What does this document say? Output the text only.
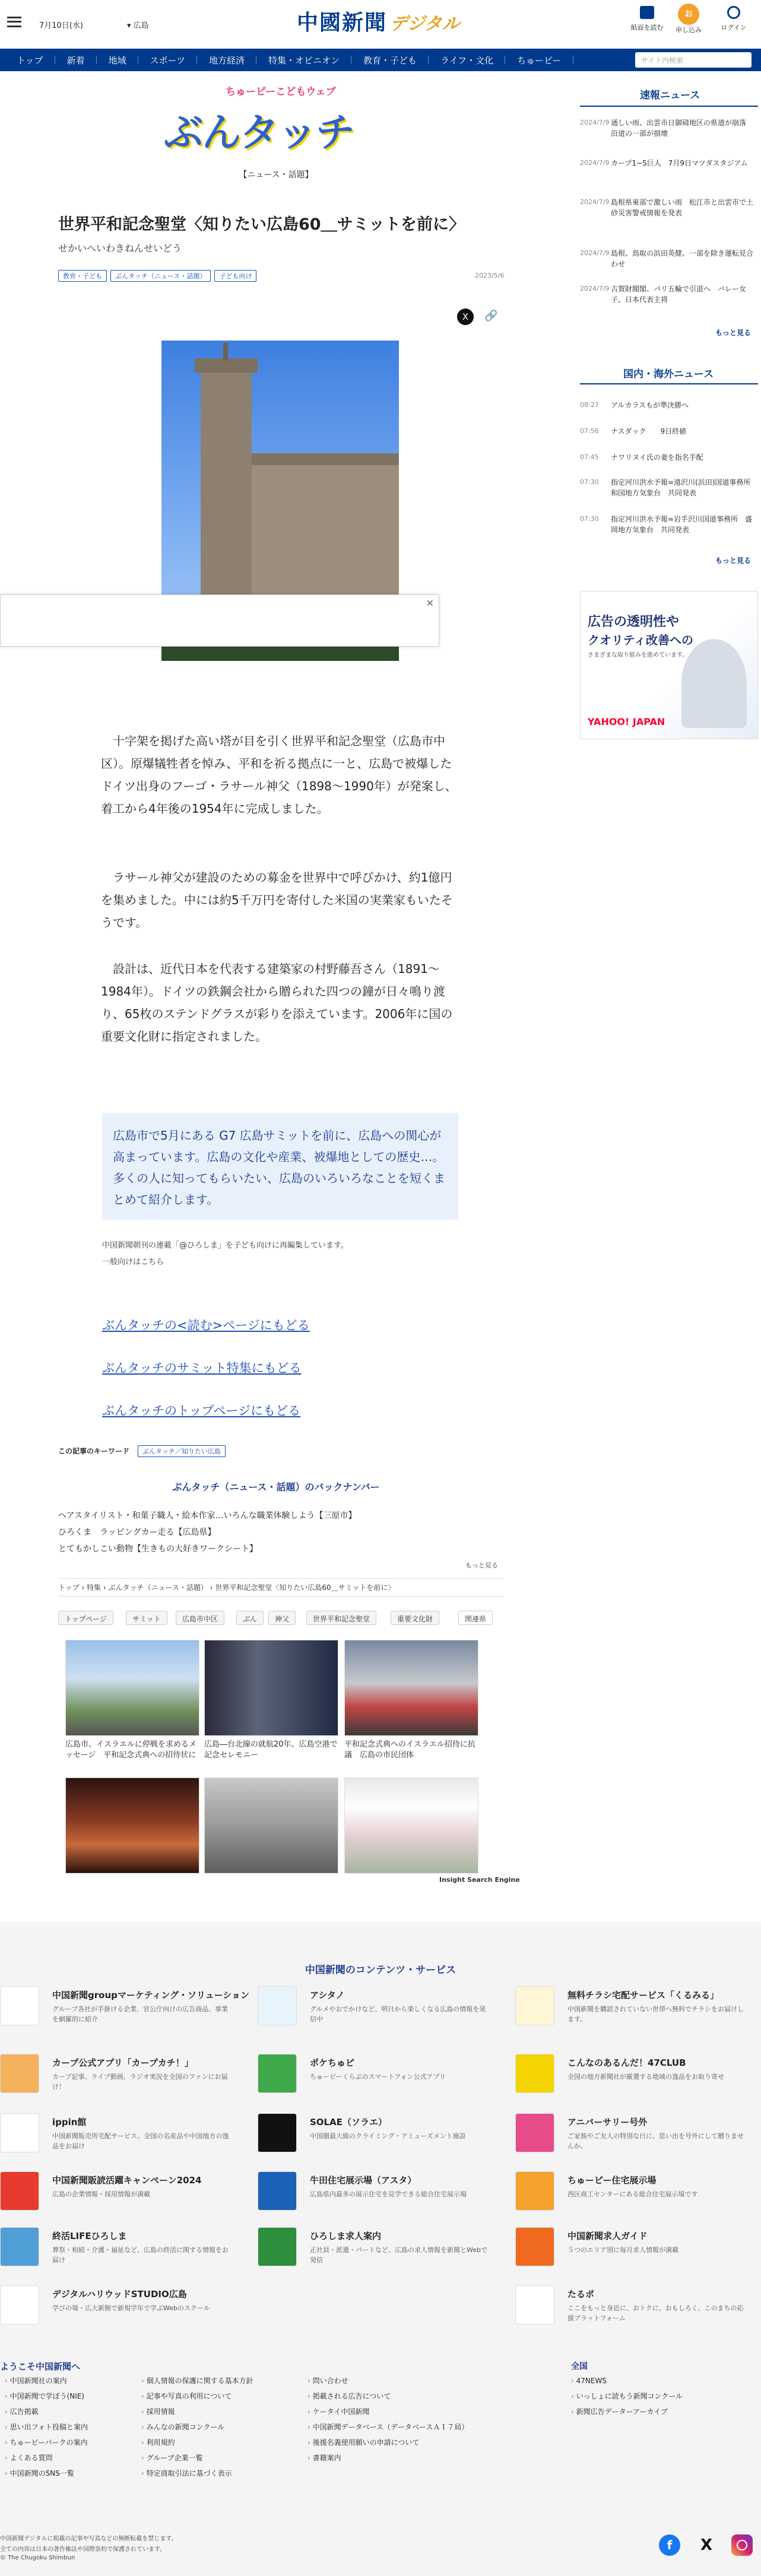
7月10日(水)	▾ 広島	中國新聞 デジタル	紙面を読む
お
申し込み	ログイン
トップ	新着	地域	スポーツ	地方経済	特集・オピニオン	教育・子ども	ライフ・文化	ちゅーピー	サイト内検索
速報ニュース
2024/7/9 通しい雨、出雲市日御碕地区の県道が崩落　沿道の一部が損壊
2024/7/9 カープ1−5巨人　7月9日マツダスタジアム
2024/7/9 島根県東部で激しい雨　松江市と出雲市で土砂災害警戒情報を発表
2024/7/9 島根、鳥取の浜田英健、一部を除き運転見合わせ
2024/7/9 古賀財閥閣、パリ五輪で引退へ　バレー女子、日本代表主将
もっと見る
国内・海外ニュース
08:27	アルカラスもが準決勝へ
07:56	ナスダック　　9日終値
07:45	ナワリヌイ氏の妻を指名手配
07:30	指定河川洪水予報=遠沢川(浜田)国道事務所　和国地方気象台　共同発表
07:30	指定河川洪水予報=岩手沢川国道事務所　盛岡地方気象台　共同発表
もっと見る
広告の透明性や
クオリティ改善への
さまざまな取り組みを進めています。
YAHOO! JAPAN
ちゅーピーこどもウェブ
ぶんタッチ
【ニュース・話題】
世界平和記念聖堂〈知りたい広島60＿サミットを前に〉
せかいへいわきねんせいどう
教育・子ども ぶんタッチ（ニュース・話題） 子ども向け	2023/5/6
X	🔗
✕
十字架を掲げた高い塔が目を引く世界平和記念聖堂（広島市中区）。原爆犠牲者を悼み、平和を祈る拠点に一と、広島で被爆したドイツ出身のフーゴ・ラサール神父（1898〜1990年）が発案し、着工から4年後の1954年に完成しました。
ラサール神父が建設のための募金を世界中で呼びかけ、約1億円を集めました。中には約5千万円を寄付した米国の実業家もいたそうです。
設計は、近代日本を代表する建築家の村野藤吾さん（1891〜1984年）。ドイツの鉄鋼会社から贈られた四つの鐘が日々鳴り渡り、65枚のステンドグラスが彩りを添えています。2006年に国の重要文化財に指定されました。
広島市で5月にある G7 広島サミットを前に、広島への関心が高まっています。広島の文化や産業、被爆地としての歴史…。多くの人に知ってもらいたい、広島のいろいろなことを短くまとめて紹介します。
中国新聞朝刊の連載「@ひろしま」を子ども向けに再編集しています。
一般向けはこちら
ぶんタッチの<読む>ページにもどる
ぶんタッチのサミット特集にもどる
ぶんタッチのトップページにもどる
この記事のキーワード ぶんタッチ／知りたい広島
ぶんタッチ（ニュース・話題）のバックナンバー
ヘアスタイリスト・和菓子職人・絵本作家…いろんな職業体験しよう【三原市】
ひろくま　ラッピングカー走る【広島県】
とてもかしこい動物【生きもの大好きワークシート】
もっと見る
トップ › 特集 › ぶんタッチ（ニュース・話題） › 世界平和記念聖堂〈知りたい広島60＿サミットを前に〉
トップページ	サミット	広島市中区	ぶん	神父	世界平和記念聖堂	重要文化財	関連県
広島市、イスラエルに停戦を求めるメッセージ　平和記念式典への招待状に
広島―台北線の就航20年、広島空港で記念セレモニー
平和記念式典へのイスラエル招待に抗議　広島の市民団体
Insight Search Engine
中国新聞のコンテンツ・サービス
中国新聞groupマーケティング・ソリューション
グループ各社が手掛ける企業、官公庁向けの広告商品、事業を網羅的に紹介
アシタノ
グルメやおでかけなど、明日から楽しくなる広島の情報を発信中
無料チラシ宅配サービス「くるみる」
中国新聞を購読されていない世帯へ無料でチラシをお届けします。
カープ公式アプリ「カープカチ！」
カープ記事、ライブ動画、ラジオ実況を全国のファンにお届け！
ポケちゅピ
ちゅーピーくらぶのスマートフォン公式アプリ
こんなのあるんだ！47CLUB
全国の地方新聞社が厳選する地域の逸品をお取り寄せ
ippin館
中国新聞販売所宅配サービス。全国の名産品や中国地方の逸品をお届け
SOLAE（ソラエ）
中国圏最大級のクライミング・アミューズメント施設
アニバーサリー号外
ご家族やご友人の特別な日に、思い出を号外にして贈りませんか。
中国新聞販読活躍キャンペーン2024
広島の企業情報・採用情報が満載
牛田住宅展示場（アスタ）
広島県内最多の展示住宅を見学できる総合住宅展示場
ちゅーピー住宅展示場
西区商工センターにある総合住宅展示場です
終活LIFEひろしま
葬祭・相続・介護・福祉など、広島の終活に関する情報をお届け
ひろしま求人案内
正社員・派遣・パートなど、広島の求人情報を新聞とWebで発信
中国新聞求人ガイド
５つのエリア別に毎月求人情報が満載
デジタルハリウッドSTUDIO広島
学びの場・広大新館で新規学年で学ぶWebのスクール
たるポ
ここをもっと身近に、おトクに。おもしろく、このまちの応援プラットフォーム
ようこそ中国新聞へ
› 中国新聞社の案内
› 中国新聞で学ぼう(NIE)
› 広告掲載
› 思い出フォト投稿と案内
› ちゅーピーパークの案内
› よくある質問
› 中国新聞のSNS一覧
› 個人情報の保護に関する基本方針
› 記事や写真の利用について
› 採用情報
› みんなの新聞コンクール
› 利用規約
› グループ企業一覧
› 特定商取引法に基づく表示
› 問い合わせ
› 掲載される広告について
› ケータイ中国新聞
› 中国新聞データベース（データベースＡＩ７局）
› 後援名義使用願いの申請について
› 書籍案内
全国
› 47NEWS
› いっしょに読もう新聞コンクール
› 新聞広告データーアーカイブ
中国新聞デジタルに掲載の記事や写真などの無断転載を禁じます。
全ての内容は日本の著作権法や国際条約で保護されています。
© The Chugoku Shimbun
f	X
